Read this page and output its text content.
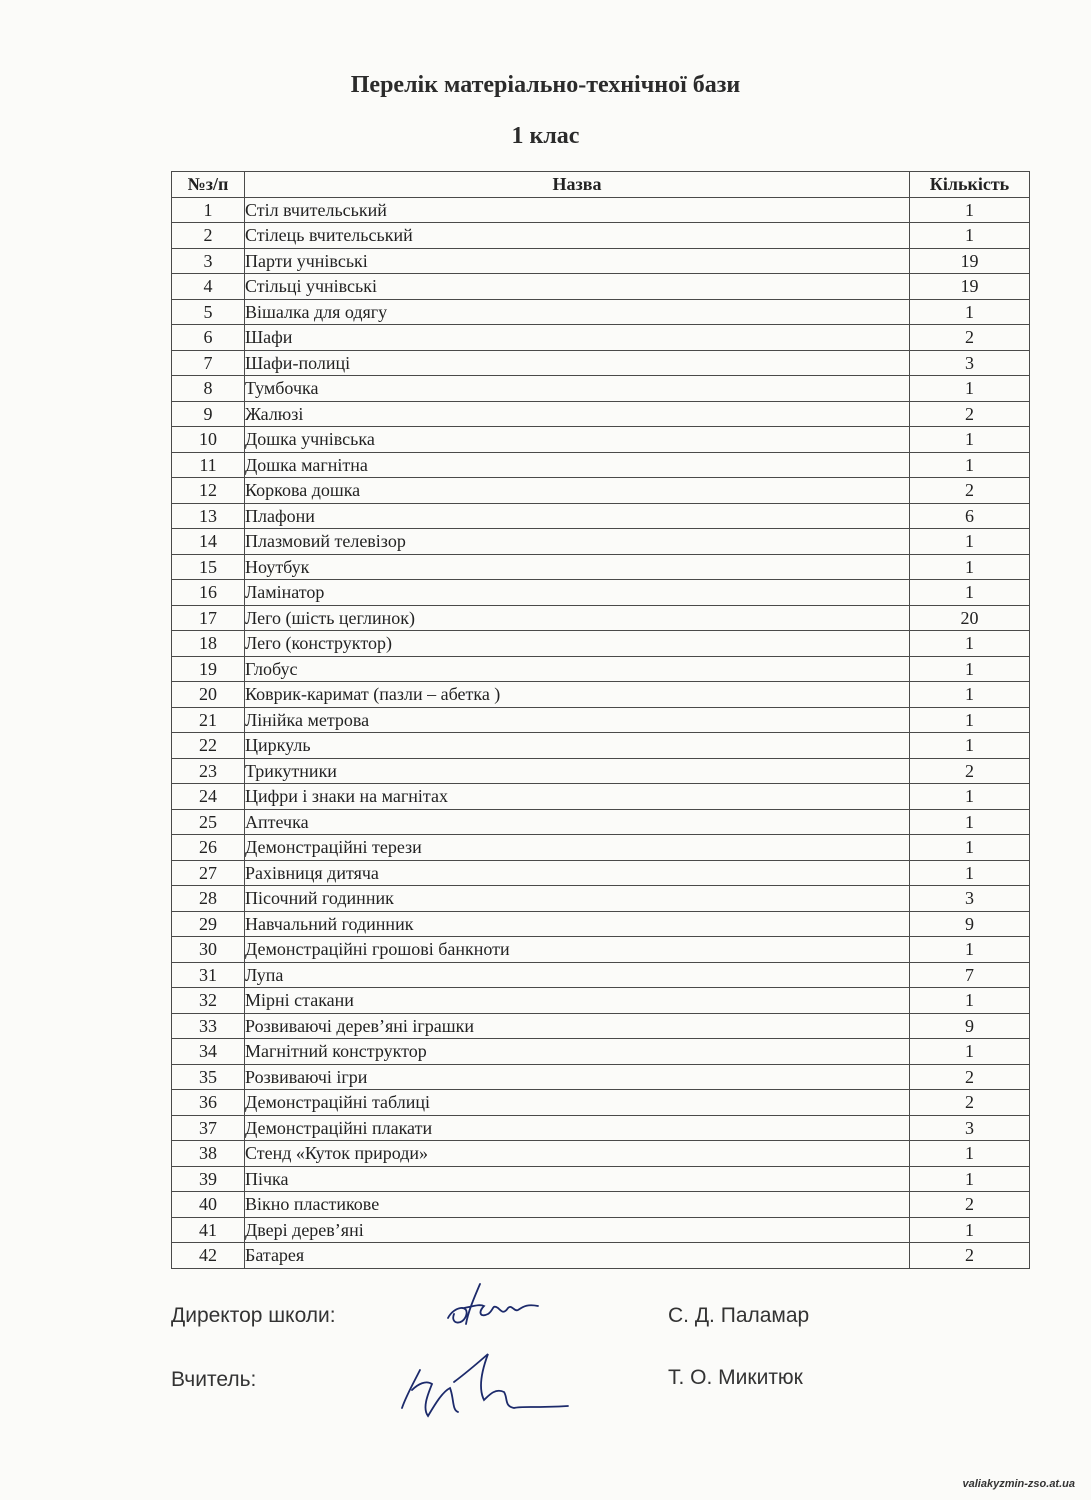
Перелік матеріально-технічної бази
1 клас
№з/п	Назва	Кількість
1	Стіл вчительський	1
2	Стілець вчительський	1
3	Парти учнівські	19
4	Стільці учнівські	19
5	Вішалка для одягу	1
6	Шафи	2
7	Шафи-полиці	3
8	Тумбочка	1
9	Жалюзі	2
10	Дошка учнівська	1
11	Дошка магнітна	1
12	Коркова дошка	2
13	Плафони	6
14	Плазмовий телевізор	1
15	Ноутбук	1
16	Ламінатор	1
17	Лего (шість цеглинок)	20
18	Лего (конструктор)	1
19	Глобус	1
20	Коврик-каримат (пазли – абетка )	1
21	Лінійка метрова	1
22	Циркуль	1
23	Трикутники	2
24	Цифри і знаки на магнітах	1
25	Аптечка	1
26	Демонстраційні терези	1
27	Рахівниця дитяча	1
28	Пісочний годинник	3
29	Навчальний годинник	9
30	Демонстраційні грошові банкноти	1
31	Лупа	7
32	Мірні стакани	1
33	Розвиваючі дерев’яні іграшки	9
34	Магнітний конструктор	1
35	Розвиваючі ігри	2
36	Демонстраційні таблиці	2
37	Демонстраційні плакати	3
38	Стенд «Куток природи»	1
39	Пічка	1
40	Вікно пластикове	2
41	Двері дерев’яні	1
42	Батарея	2
Директор школи:	С. Д. Паламар
Вчитель:	Т. О. Микитюк
valiakyzmin-zso.at.ua
